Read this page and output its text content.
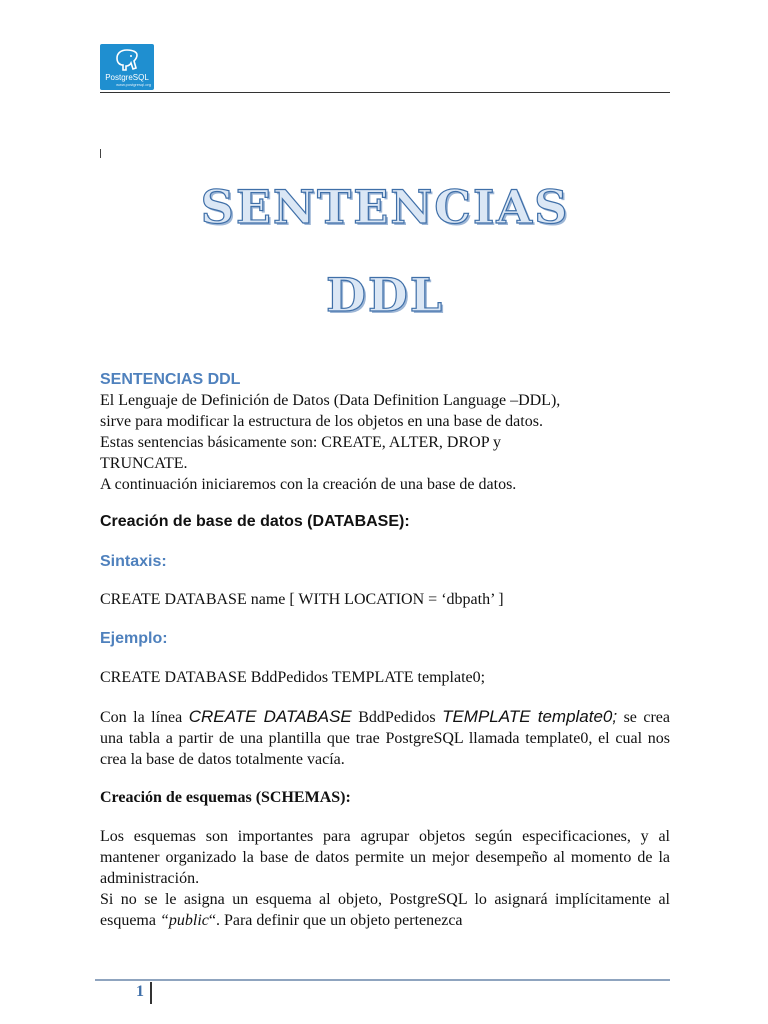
PostgreSQL
www.postgresql.org
SENTENCIAS
DDL
SENTENCIAS DDL

El Lenguaje de Definición de Datos (Data Definition Language –DDL),

sirve para modificar la estructura de los objetos en una base de datos.

Estas sentencias básicamente son: CREATE, ALTER, DROP y

TRUNCATE.

A continuación iniciaremos con la creación de una base de datos.

Creación de base de datos (DATABASE):
Sintaxis:

CREATE DATABASE name [ WITH LOCATION = ‘dbpath’ ]

Ejemplo:

CREATE DATABASE BddPedidos TEMPLATE template0;

Con la línea CREATE DATABASE BddPedidos TEMPLATE template0; se crea una tabla a partir de una plantilla que trae PostgreSQL llamada template0, el cual nos crea la base de datos totalmente vacía.

Creación de esquemas (SCHEMAS):

Los esquemas son importantes para agrupar objetos según especificaciones, y al mantener organizado la base de datos permite un mejor desempeño al momento de la administración.

Si no se le asigna un esquema al objeto, PostgreSQL lo asignará implícitamente al esquema “public“. Para definir que un objeto pertenezca

1
